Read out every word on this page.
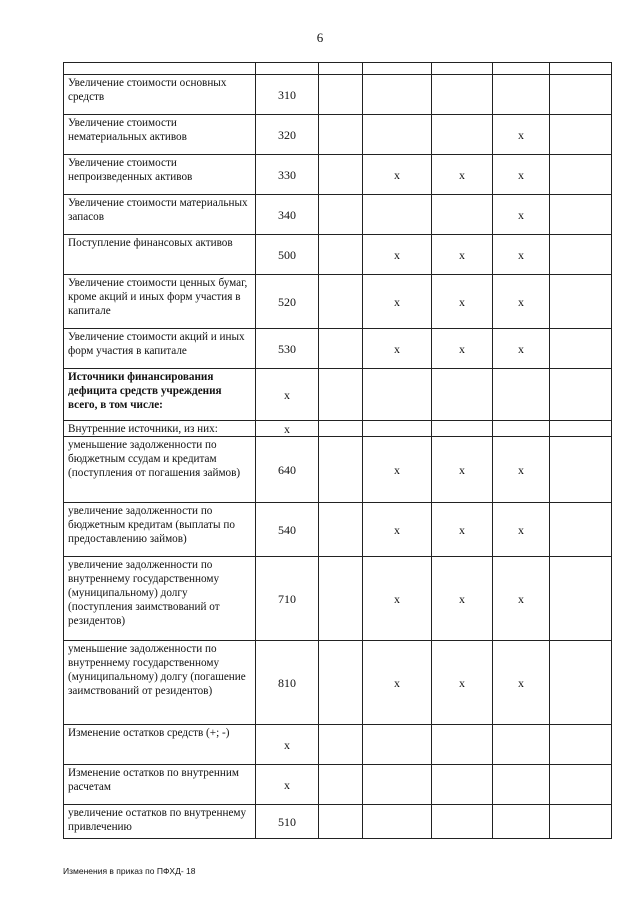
6

Увеличение стоимости основных средств	310					
Увеличение стоимости нематериальных активов	320				x	
Увеличение стоимости непроизведенных активов	330		x	x	x	
Увеличение стоимости материальных запасов	340				x	
Поступление финансовых активов	500		x	x	x	
Увеличение стоимости ценных бумаг, кроме акций и иных форм участия в капитале	520		x	x	x	
Увеличение стоимости акций и иных форм участия в капитале	530		x	x	x	
Источники финансирования дефицита средств учреждения всего, в том числе:	x					
Внутренние источники, из них:	x					
уменьшение задолженности по бюджетным ссудам и кредитам (поступления от погашения займов)	640		x	x	x	
увеличение задолженности по бюджетным кредитам (выплаты по предоставлению займов)	540		x	x	x	
увеличение задолженности по внутреннему государственному (муниципальному) долгу (поступления заимствований от резидентов)	710		x	x	x	
уменьшение задолженности по внутреннему государственному (муниципальному) долгу (погашение заимствований от резидентов)	810		x	x	x	
Изменение остатков средств (+; -)	x					
Изменение остатков по внутренним расчетам	x					
увеличение остатков по внутреннему привлечению	510					
Изменения в приказ по ПФХД- 18
